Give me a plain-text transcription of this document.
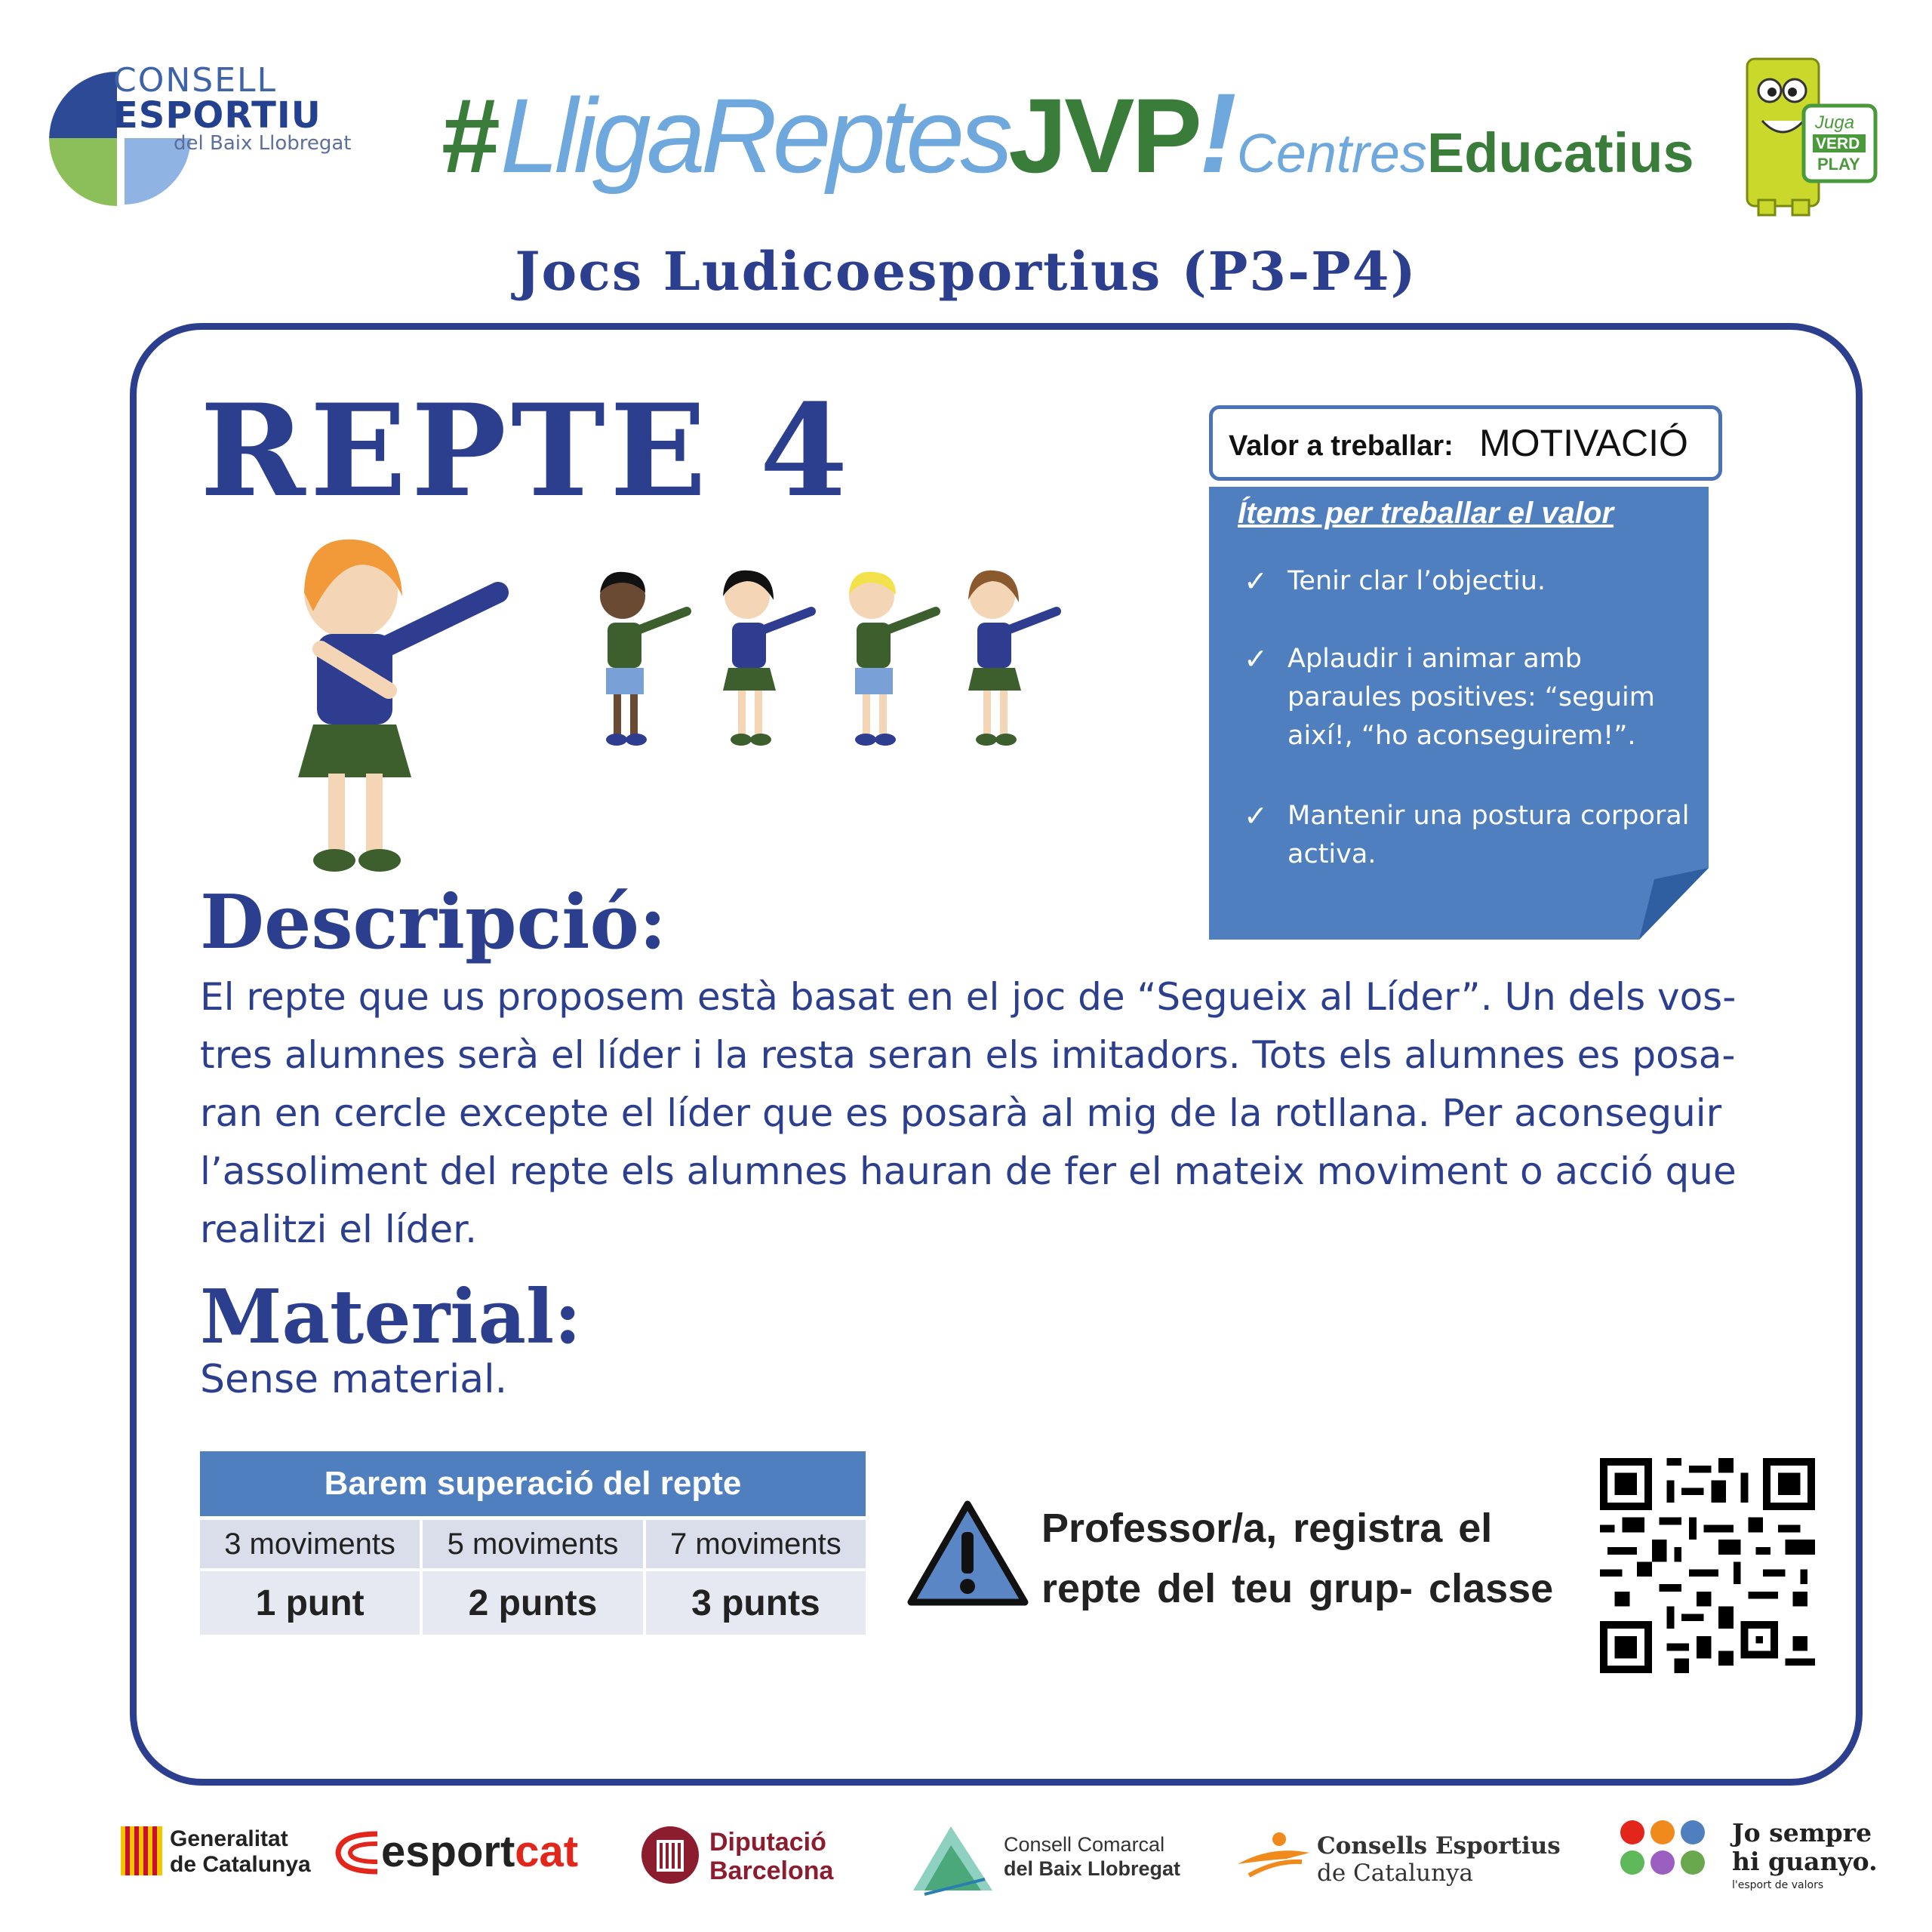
CONSELL
ESPORTIU
del Baix Llobregat #LligaReptesJVP!CentresEducatius	Juga
VERD
PLAY
Jocs Ludicoesportius (P3-P4)
REPTE 4	Valor a treballar: MOTIVACIÓ
Ítems per treballar el valor
✓ Tenir clar l’objectiu.
✓ Aplaudir i animar amb paraules positives: “seguim així!, “ho aconseguirem!”.
✓ Mantenir una postura corporal activa.
Descripció:
El repte que us proposem està basat en el joc de “Segueix al Líder”. Un dels vos-
tres alumnes serà el líder i la resta seran els imitadors. Tots els alumnes es posa-
ran en cercle excepte el líder que es posarà al mig de la rotllana. Per aconseguir
l’assoliment del repte els alumnes hauran de fer el mateix moviment o acció que
realitzi el líder.
Material:
Sense material.
Barem superació del repte		
3 moviments	5 moviments	7 moviments
1 punt	2 punts	3 punts
Professor/a, registra el
repte del teu grup- classe
Generalitat
de Catalunya esportcat	Diputació
Barcelona
Consell Comarcal
del Baix Llobregat
Consells Esportius
de Catalunya
Jo sempre
hi guanyo.
l'esport de valors
